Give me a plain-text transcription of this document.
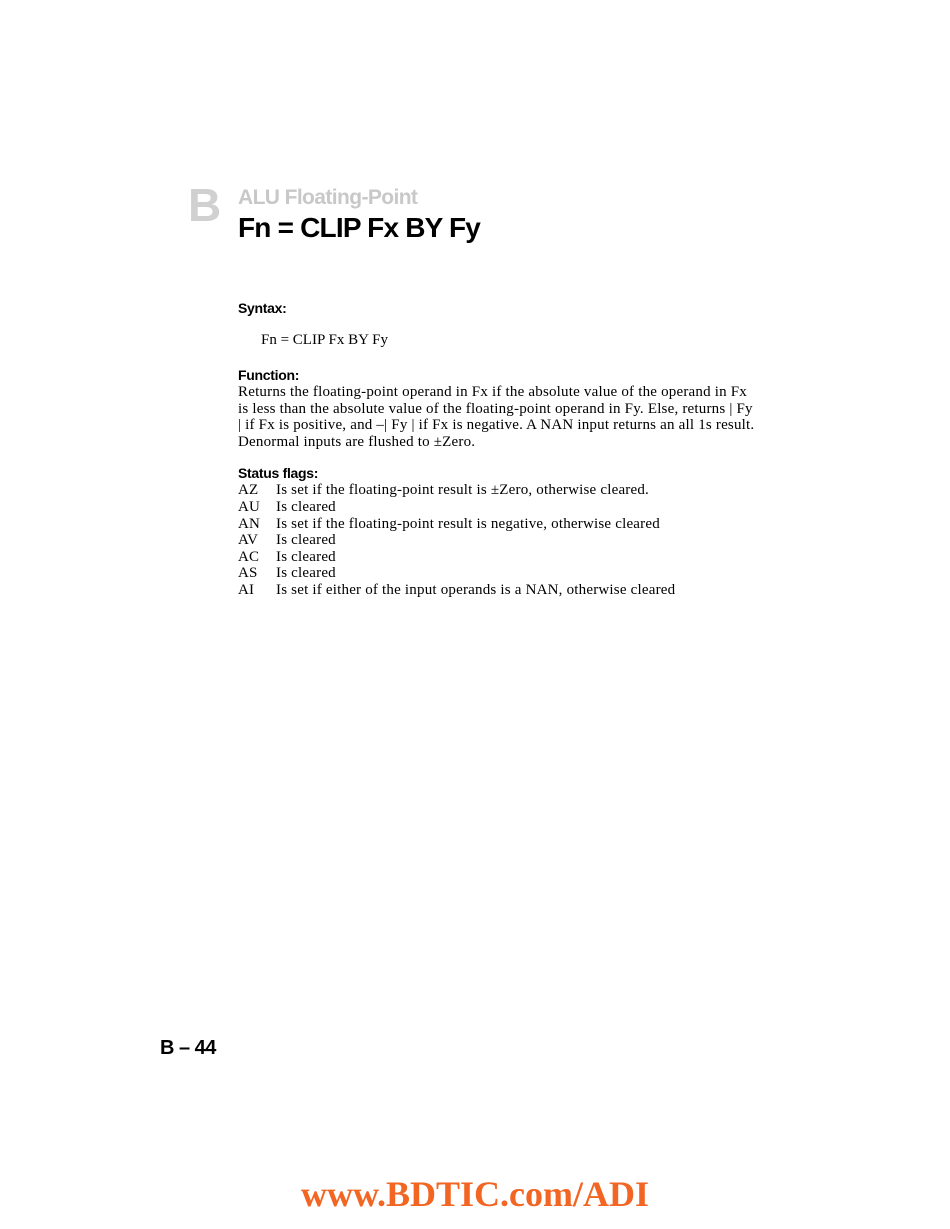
B ALU Floating-Point
Fn = CLIP Fx BY Fy
Syntax:
Fn = CLIP Fx BY Fy
Function:

Returns the floating-point operand in Fx if the absolute value of the operand in Fx is less than the absolute value of the floating-point operand in Fy. Else, returns | Fy | if Fx is positive, and –| Fy | if Fx is negative. A NAN input returns an all 1s result. Denormal inputs are flushed to ±Zero.

Status flags:
AZ	Is set if the floating-point result is ±Zero, otherwise cleared.
AU	Is cleared
AN	Is set if the floating-point result is negative, otherwise cleared
AV	Is cleared
AC	Is cleared
AS	Is cleared
AI	Is set if either of the input operands is a NAN, otherwise cleared
B – 44
www.BDTIC.com/ADI
